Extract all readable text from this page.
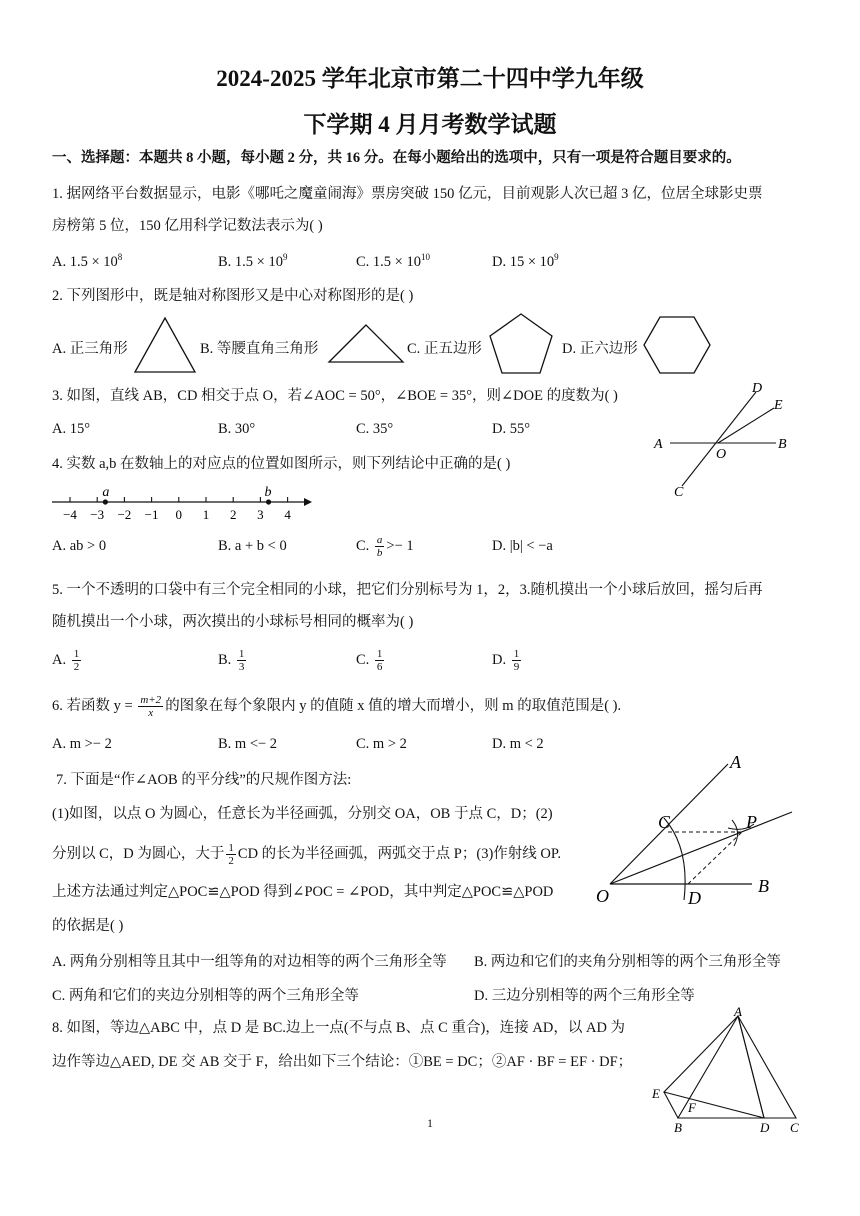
2024-2025 学年北京市第二十四中学九年级
下学期 4 月月考数学试题
一、选择题：本题共 8 小题，每小题 2 分，共 16 分。在每小题给出的选项中，只有一项是符合题目要求的。
1. 据网络平台数据显示，电影《哪吒之魔童闹海》票房突破 150 亿元，目前观影人次已超 3 亿，位居全球影史票
房榜第 5 位，150 亿用科学记数法表示为( )
A. $1.5 \times 10^8$	B. $1.5 \times 10^9$	C. $1.5 \times 10^{10}$	D. $15 \times 10^9$
2. 下列图形中，既是轴对称图形又是中心对称图形的是( )
A. 正三角形	B. 等腰直角三角形	C. 正五边形	D. 正六边形
3. 如图，直线 AB，CD 相交于点 O，若∠AOC = 50°，∠BOE = 35°，则∠DOE 的度数为( )
A. 15°	B. 30°	C. 35°	D. 55°
A	B
C
D
E
O
4. 实数 a,b 在数轴上的对应点的位置如图所示，则下列结论中正确的是( )
−4 −3 −2 −1 0 1 2 3 4
a	b
A. ab > 0	B. a + b < 0	C. $\frac{a}{b} >- 1$	D. |b| < −a
5. 一个不透明的口袋中有三个完全相同的小球，把它们分别标号为 1，2，3.随机摸出一个小球后放回，摇匀后再
随机摸出一个小球，两次摸出的小球标号相同的概率为( )
A. $\frac{1}{2}$	B. $\frac{1}{3}$	C. $\frac{1}{6}$	D. $\frac{1}{9}$
6. 若函数 $y = \frac{m+2}{x}$ 的图象在每个象限内 y 的值随 x 值的增大而增小，则 m 的取值范围是( ).
A. m >− 2	B. m <− 2	C. m > 2	D. m < 2
7. 下面是“作∠AOB 的平分线”的尺规作图方法:
(1)如图，以点 O 为圆心，任意长为半径画弧，分别交 OA，OB 于点 C，D；(2)
分别以 C，D 为圆心，大于 $\frac{1}{2}$ CD 的长为半径画弧，两弧交于点 P；(3)作射线 OP.
上述方法通过判定△POC≌△POD 得到∠POC = ∠POD，其中判定△POC≌△POD
的依据是( )
A. 两角分别相等且其中一组等角的对边相等的两个三角形全等 B. 两边和它们的夹角分别相等的两个三角形全等
C. 两角和它们的夹边分别相等的两个三角形全等	D. 三边分别相等的两个三角形全等
A
B
C
D
O
P
8. 如图，等边△ABC 中，点 D 是 BC.边上一点(不与点 B、点 C 重合)，连接 AD，以 AD 为
边作等边△AED, DE 交 AB 交于 F，给出如下三个结论：①BE = DC；②AF · BF = EF · DF；
A
B	C
D
E
F
1
